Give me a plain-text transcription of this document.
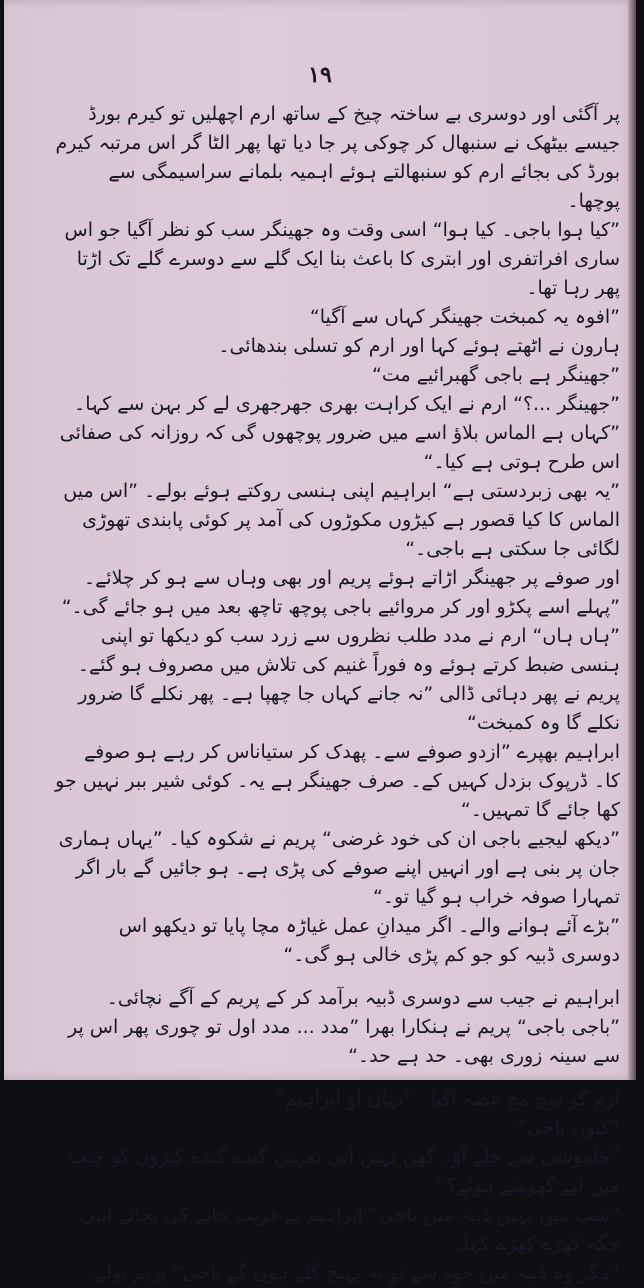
۱۹

پر آگئی اور دوسری بے ساختہ چیخ کے ساتھ ارم اچھلیں تو کیرم بورڈ جیسے بیٹھک نے سنبھال کر چوکی پر جا دیا تھا پھر الٹا گر اس مرتبہ کیرم بورڈ کی بجائے ارم کو سنبھالتے ہوئے اہمیہ بلمانے سراسیمگی سے پوچھا۔

”کیا ہوا باجی۔ کیا ہوا“ اسی وقت وہ جھینگر سب کو نظر آگیا جو اس ساری افراتفری اور ابتری کا باعث بنا ایک گلے سے دوسرے گلے تک اڑتا پھر رہا تھا۔

”افوہ یہ کمبخت جھینگر کہاں سے آگیا“

ہارون نے اٹھتے ہوئے کہا اور ارم کو تسلی بندھائی۔

”جھینگر ہے باجی گھبرائیے مت“

”جھینگر ...؟“ ارم نے ایک کراہت بھری جھرجھری لے کر بہن سے کہا۔ ”کہاں ہے الماس بلاؤ اسے میں ضرور پوچھوں گی کہ روزانہ کی صفائی اس طرح ہوتی ہے کیا۔“

”یہ بھی زبردستی ہے“ ابراہیم اپنی ہنسی روکتے ہوئے بولے۔ ”اس میں الماس کا کیا قصور ہے کیڑوں مکوڑوں کی آمد پر کوئی پابندی تھوڑی لگائی جا سکتی ہے باجی۔“

اور صوفے پر جھینگر اڑاتے ہوئے پریم اور بھی وہاں سے ہو کر چلائے۔ ”پہلے اسے پکڑو اور کر مروائیے باجی پوچھ تاچھ بعد میں ہو جائے گی۔“

”ہاں ہاں“ ارم نے مدد طلب نظروں سے زرد سب کو دیکھا تو اپنی ہنسی ضبط کرتے ہوئے وہ فوراً غنیم کی تلاش میں مصروف ہو گئے۔

پریم نے پھر دہائی ڈالی ”نہ جانے کہاں جا چھپا ہے۔ پھر نکلے گا ضرور نکلے گا وہ کمبخت“

ابراہیم بھپرے ”ازدو صوفے سے۔ پھدک کر ستیاناس کر رہے ہو صوفے کا۔ ڈرپوک بزدل کہیں کے۔ صرف جھینگر ہے یہ۔ کوئی شیر ببر نہیں جو کھا جائے گا تمہیں۔“

”دیکھ لیجیے باجی ان کی خود غرضی“ پریم نے شکوہ کیا۔ ”یہاں ہماری جان پر بنی ہے اور انہیں اپنے صوفے کی پڑی ہے۔ ہو جائیں گے بار اگر تمہارا صوفہ خراب ہو گیا تو۔“

”بڑے آئے ہوانے والے۔ اگر میدانِ عمل غیاڑہ مچا پایا تو دیکھو اس دوسری ڈبیہ کو جو کم پڑی خالی ہو گی۔“

ابراہیم نے جیب سے دوسری ڈبیہ برآمد کر کے پریم کے آگے نچائی۔

”باجی باجی“ پریم نے ہنکارا بھرا ”مدد ... مدد اول تو چوری پھر اس پر سے سینہ زوری بھی۔ حد ہے حد۔“

ارم کو سچ مچ غصہ آگیا۔ ”یہاں آؤ ابراہیم“

”کیوں باجی“

”خاموشی سے چلے آؤ۔ گھن نہیں آتی تمہیں گندے گندے کیڑوں کو جیب میں لیے گھومتے ہوئے؟“

”سب میں نہیں ڈبیہ میں باجی“ ابراہیم نے قریب جانے کی بجائے اپنی جگہ کھڑے کھڑے کہا۔

”مگر وہ ڈبیہ میں خود سے تو نہ پہنچ گئے ہوں گے باجی“ پریم بولے۔
